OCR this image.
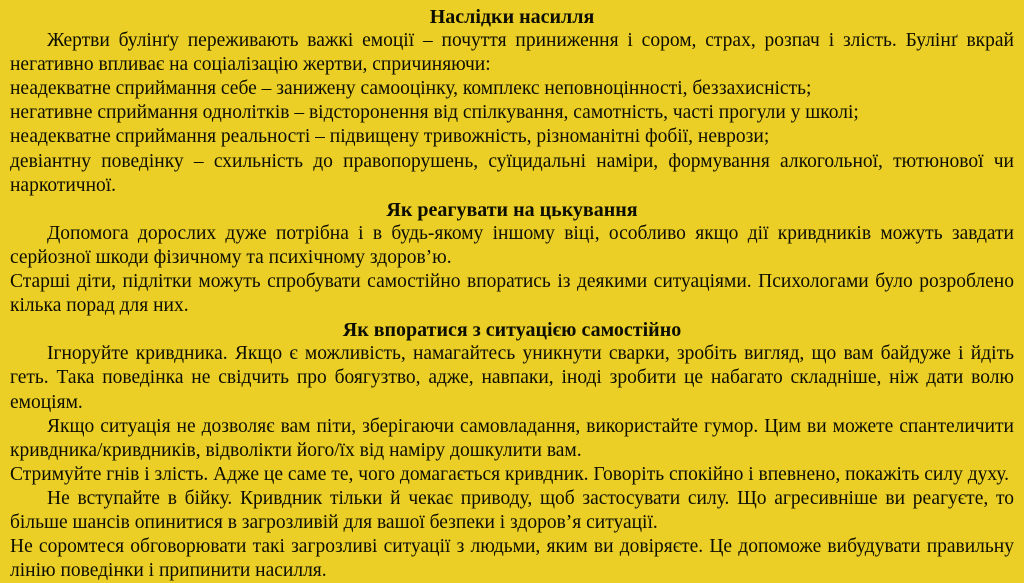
Наслідки насилля
Жертви булінґу переживають важкі емоції – почуття приниження і сором, страх, розпач і злість. Булінґ вкрай негативно впливає на соціалізацію жертви, спричиняючи:
неадекватне сприймання себе – занижену самооцінку, комплекс неповноцінності, беззахисність;
негативне сприймання однолітків – відсторонення від спілкування, самотність, часті прогули у школі;
неадекватне сприймання реальності – підвищену тривожність, різноманітні фобії, неврози;
девіантну поведінку – схильність до правопорушень, суїцидальні наміри, формування алкогольної, тютюнової чи наркотичної.
Як реагувати на цькування
Допомога дорослих дуже потрібна і в будь-якому іншому віці, особливо якщо дії кривдників можуть завдати серйозної шкоди фізичному та психічному здоров’ю.
Старші діти, підлітки можуть спробувати самостійно впоратись із деякими ситуаціями. Психологами було розроблено кілька порад для них.
Як впоратися з ситуацією самостійно
Ігноруйте кривдника. Якщо є можливість, намагайтесь уникнути сварки, зробіть вигляд, що вам байдуже і йдіть геть. Така поведінка не свідчить про боягузтво, адже, навпаки, іноді зробити це набагато складніше, ніж дати волю емоціям.
Якщо ситуація не дозволяє вам піти, зберігаючи самовладання, використайте гумор. Цим ви можете спантеличити кривдника/кривдників, відволікти його/їх від наміру дошкулити вам.
Стримуйте гнів і злість. Адже це саме те, чого домагається кривдник. Говоріть спокійно і впевнено, покажіть силу духу.
Не вступайте в бійку. Кривдник тільки й чекає приводу, щоб застосувати силу. Що агресивніше ви реагуєте, то більше шансів опинитися в загрозливій для вашої безпеки і здоров’я ситуації.
Не соромтеся обговорювати такі загрозливі ситуації з людьми, яким ви довіряєте. Це допоможе вибудувати правильну лінію поведінки і припинити насилля.
